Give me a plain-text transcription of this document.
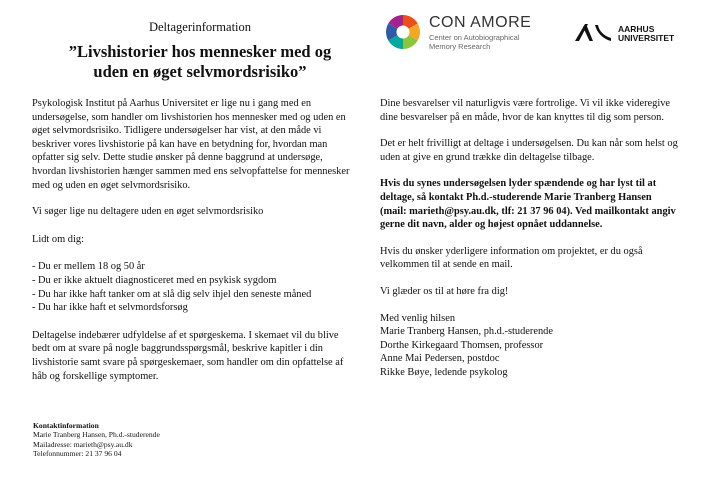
Deltagerinformation
”Livshistorier hos mennesker med og
uden en øget selvmordsrisiko”
CON AMORE
Center on Autobiographical
Memory Research
AARHUS
UNIVERSITET

Psykologisk Institut på Aarhus Universitet er lige nu i gang med en undersøgelse, som handler om livshistorien hos mennesker med og uden en øget selvmordsrisiko. Tidligere undersøgelser har vist, at den måde vi beskriver vores livshistorie på kan have en betydning for, hvordan man opfatter sig selv. Dette studie ønsker på denne baggrund at undersøge, hvordan livshistorien hænger sammen med ens selvopfattelse for mennesker med og uden en øget selvmordsrisiko.

Vi søger lige nu deltagere uden en øget selvmordsrisiko

Lidt om dig:

- Du er mellem 18 og 50 år
- Du er ikke aktuelt diagnosticeret med en psykisk sygdom
- Du har ikke haft tanker om at slå dig selv ihjel den seneste måned
- Du har ikke haft et selvmordsforsøg

Deltagelse indebærer udfyldelse af et spørgeskema. I skemaet vil du blive bedt om at svare på nogle baggrundsspørgsmål, beskrive kapitler i din livshistorie samt svare på spørgeskemaer, som handler om din opfattelse af håb og forskellige symptomer.

Dine besvarelser vil naturligvis være fortrolige. Vi vil ikke videregive dine besvarelser på en måde, hvor de kan knyttes til dig som person.

Det er helt frivilligt at deltage i undersøgelsen. Du kan når som helst og uden at give en grund trække din deltagelse tilbage.

Hvis du synes undersøgelsen lyder spændende og har lyst til at deltage, så kontakt Ph.d.-studerende Marie Tranberg Hansen (mail: marieth@psy.au.dk, tlf: 21 37 96 04). Ved mailkontakt angiv gerne dit navn, alder og højest opnået uddannelse.

Hvis du ønsker yderligere information om projektet, er du også velkommen til at sende en mail.

Vi glæder os til at høre fra dig!

Med venlig hilsen
Marie Tranberg Hansen, ph.d.-studerende
Dorthe Kirkegaard Thomsen, professor
Anne Mai Pedersen, postdoc
Rikke Bøye, ledende psykolog
Kontaktinformation
Marie Tranberg Hansen, Ph.d.-studerende
Mailadresse: marieth@psy.au.dk
Telefonnummer: 21 37 96 04
